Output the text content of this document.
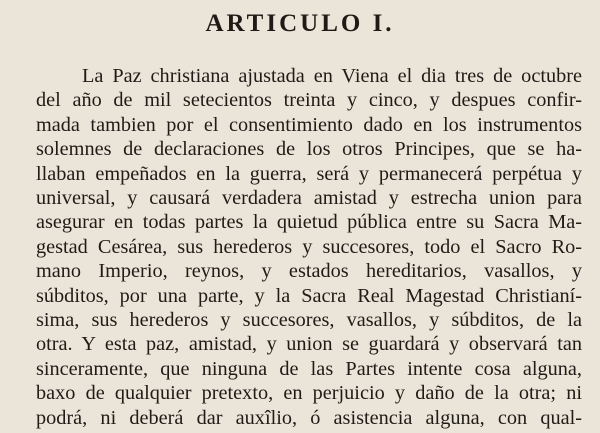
ARTICULO I.
La Paz christiana ajustada en Viena el dia tres de octubre
del año de mil setecientos treinta y cinco, y despues confir-
mada tambien por el consentimiento dado en los instrumentos
solemnes de declaraciones de los otros Principes, que se ha-
llaban empeñados en la guerra, será y permanecerá perpétua y
universal, y causará verdadera amistad y estrecha union para
asegurar en todas partes la quietud pública entre su Sacra Ma-
gestad Cesárea, sus herederos y succesores, todo el Sacro Ro-
mano Imperio, reynos, y estados hereditarios, vasallos, y
súbditos, por una parte, y la Sacra Real Magestad Christianí-
sima, sus herederos y succesores, vasallos, y súbditos, de la
otra. Y esta paz, amistad, y union se guardará y observará tan
sinceramente, que ninguna de las Partes intente cosa alguna,
baxo de qualquier pretexto, en perjuicio y daño de la otra; ni
podrá, ni deberá dar auxîlio, ó asistencia alguna, con qual-
